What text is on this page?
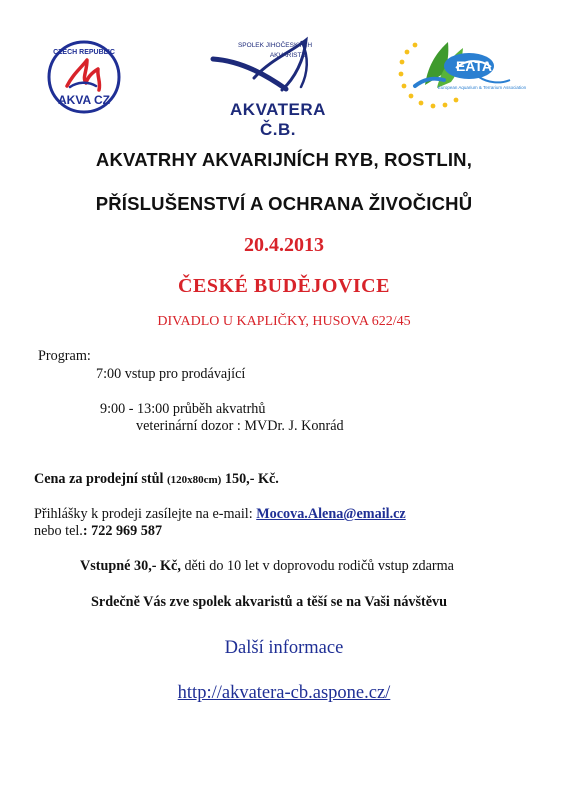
CZECH REPUBLIC
AKVA CZ
SPOLEK JIHOČESKÝCH
AKVARISTŮ
AKVATERA Č.B.
EATA
European Aquarium & Terrarium Association
AKVATRHY AKVARIJNÍCH RYB, ROSTLIN,
PŘÍSLUŠENSTVÍ A OCHRANA ŽIVOČICHŮ
20.4.2013
ČESKÉ BUDĚJOVICE
DIVADLO U KAPLIČKY, HUSOVA 622/45
Program:
7:00 vstup pro prodávající
9:00 - 13:00 průběh akvatrhů
veterinární dozor : MVDr. J. Konrád
Cena za prodejní stůl (120x80cm) 150,- Kč.
Přihlášky k prodeji zasílejte na e-mail: Mocova.Alena@email.cz
nebo tel.: 722 969 587
Vstupné 30,- Kč, děti do 10 let v doprovodu rodičů vstup zdarma
Srdečně Vás zve spolek akvaristů a těší se na Vaši návštěvu
Další informace
http://akvatera-cb.aspone.cz/
